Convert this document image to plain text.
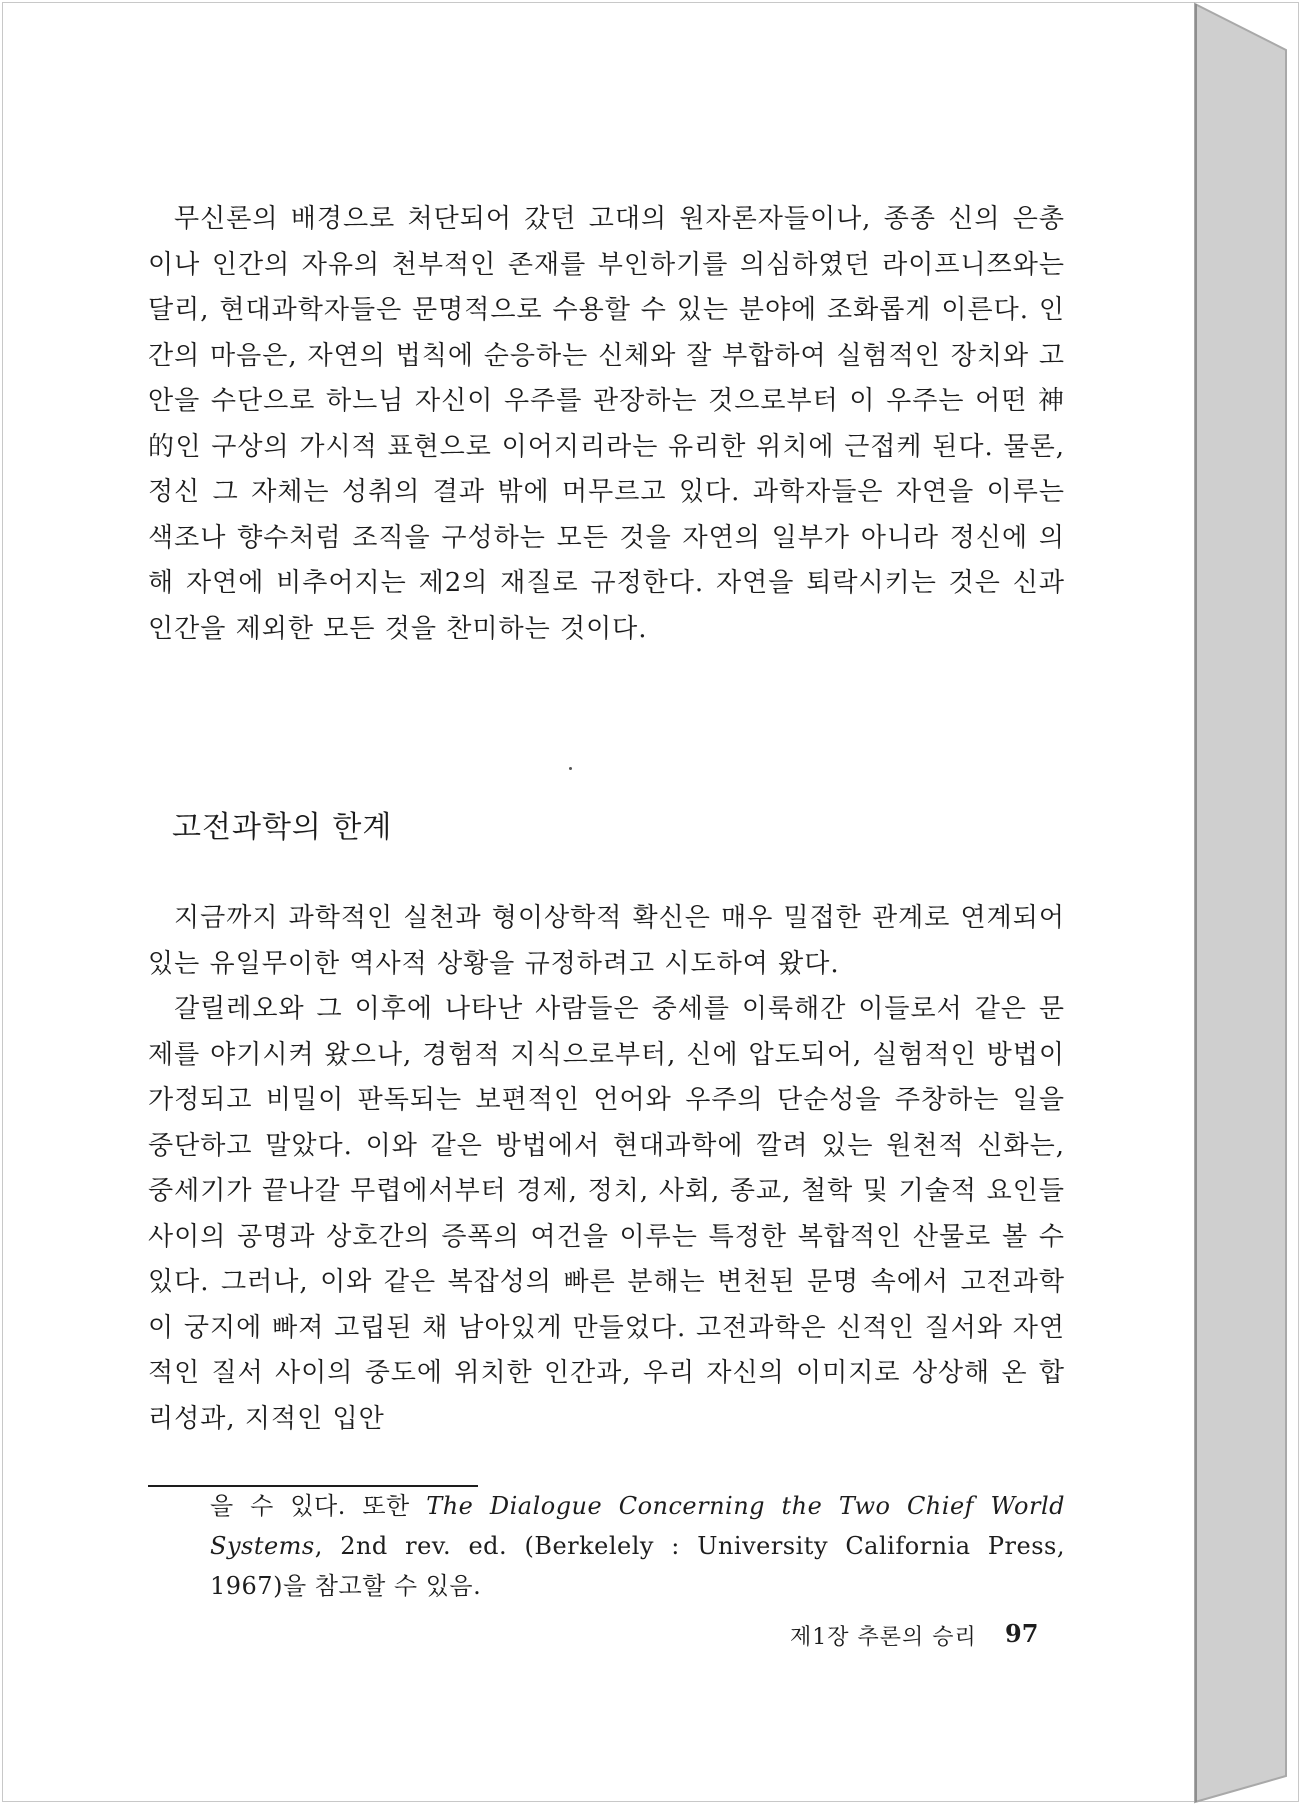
무신론의 배경으로 처단되어 갔던 고대의 원자론자들이나, 종종 신의 은총이나 인간의 자유의 천부적인 존재를 부인하기를 의심하였던 라이프니쯔와는 달리, 현대과학자들은 문명적으로 수용할 수 있는 분야에 조화롭게 이른다. 인간의 마음은, 자연의 법칙에 순응하는 신체와 잘 부합하여 실험적인 장치와 고안을 수단으로 하느님 자신이 우주를 관장하는 것으로부터 이 우주는 어떤 神的인 구상의 가시적 표현으로 이어지리라는 유리한 위치에 근접케 된다. 물론, 정신 그 자체는 성취의 결과 밖에 머무르고 있다. 과학자들은 자연을 이루는 색조나 향수처럼 조직을 구성하는 모든 것을 자연의 일부가 아니라 정신에 의해 자연에 비추어지는 제2의 재질로 규정한다. 자연을 퇴락시키는 것은 신과 인간을 제외한 모든 것을 찬미하는 것이다.

고전과학의 한계

지금까지 과학적인 실천과 형이상학적 확신은 매우 밀접한 관계로 연계되어 있는 유일무이한 역사적 상황을 규정하려고 시도하여 왔다.

갈릴레오와 그 이후에 나타난 사람들은 중세를 이룩해간 이들로서 같은 문제를 야기시켜 왔으나, 경험적 지식으로부터, 신에 압도되어, 실험적인 방법이 가정되고 비밀이 판독되는 보편적인 언어와 우주의 단순성을 주창하는 일을 중단하고 말았다. 이와 같은 방법에서 현대과학에 깔려 있는 원천적 신화는, 중세기가 끝나갈 무렵에서부터 경제, 정치, 사회, 종교, 철학 및 기술적 요인들 사이의 공명과 상호간의 증폭의 여건을 이루는 특정한 복합적인 산물로 볼 수 있다. 그러나, 이와 같은 복잡성의 빠른 분해는 변천된 문명 속에서 고전과학이 궁지에 빠져 고립된 채 남아있게 만들었다. 고전과학은 신적인 질서와 자연적인 질서 사이의 중도에 위치한 인간과, 우리 자신의 이미지로 상상해 온 합리성과, 지적인 입안

을 수 있다. 또한 The Dialogue Concerning the Two Chief World Systems, 2nd rev. ed. (Berkelely : University California Press, 1967)을 참고할 수 있음.

제1장 추론의 승리 97
